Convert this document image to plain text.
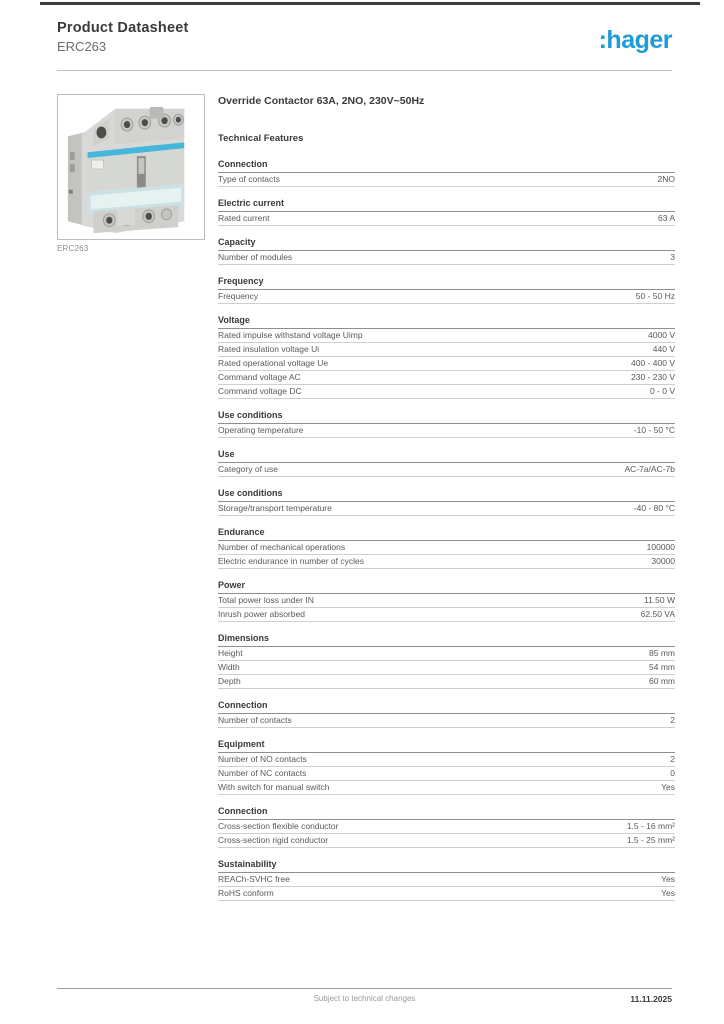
Product Datasheet
ERC263	:hager
ERC263
Override Contactor 63A, 2NO, 230V~50Hz
Technical Features
Connection
Type of contacts	2NO
Electric current
Rated current	63 A
Capacity
Number of modules	3
Frequency
Frequency	50 - 50 Hz
Voltage
Rated impulse withstand voltage Uimp	4000 V
Rated insulation voltage Ui	440 V
Rated operational voltage Ue	400 - 400 V
Command voltage AC	230 - 230 V
Command voltage DC	0 - 0 V
Use conditions
Operating temperature	-10 - 50 °C
Use
Category of use	AC-7a/AC-7b
Use conditions
Storage/transport temperature	-40 - 80 °C
Endurance
Number of mechanical operations	100000
Electric endurance in number of cycles	30000
Power
Total power loss under IN	11.50 W
Inrush power absorbed	62.50 VA
Dimensions
Height	85 mm
Width	54 mm
Depth	60 mm
Connection
Number of contacts	2
Equipment
Number of NO contacts	2
Number of NC contacts	0
With switch for manual switch	Yes
Connection
Cross-section flexible conductor	1.5 - 16 mm²
Cross-section rigid conductor	1.5 - 25 mm²
Sustainability
REACh-SVHC free	Yes
RoHS conform	Yes
Subject to technical changes	11.11.2025
